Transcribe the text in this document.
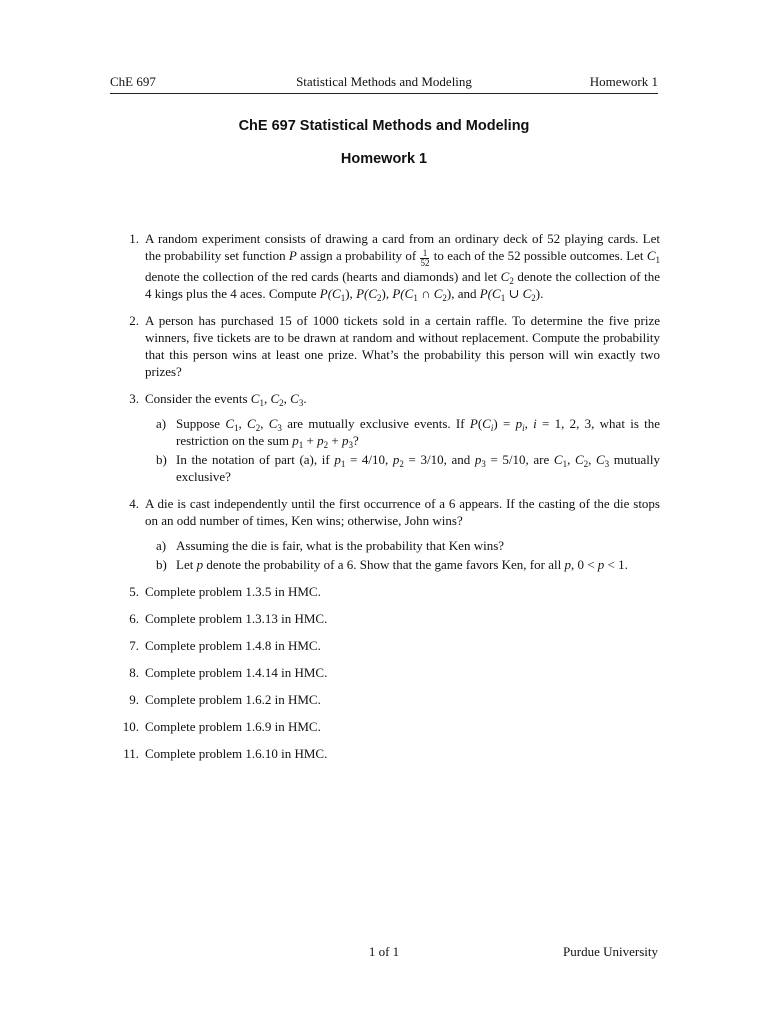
ChE 697	Statistical Methods and Modeling	Homework 1
ChE 697 Statistical Methods and Modeling
Homework 1
1. A random experiment consists of drawing a card from an ordinary deck of 52 playing cards. Let the probability set function P assign a probability of $\frac{1}{52}$ to each of the 52 possible outcomes. Let $C_1$ denote the collection of the red cards (hearts and diamonds) and let $C_2$ denote the collection of the 4 kings plus the 4 aces. Compute $P(C_1)$, $P(C_2)$, $P(C_1$ ∩ $C_2$), and $P(C_1$ ∪ $C_2$).
2. A person has purchased 15 of 1000 tickets sold in a certain raffle. To determine the five prize winners, five tickets are to be drawn at random and without replacement. Compute the probability that this person wins at least one prize. What’s the probability this person will win exactly two prizes?
3. Consider the events $C_1$, $C_2$, $C_3$.
a) Suppose $C_1$, $C_2$, $C_3$ are mutually exclusive events. If $P(C_i) = p_i$, i = 1, 2, 3, what is the restriction on the sum $p_1 + p_2 + p_3$?
b) In the notation of part (a), if $p_1 = 4/10$, $p_2 = 3/10$, and $p_3 = 5/10$, are $C_1$, $C_2$, $C_3$ mutually exclusive?
4. A die is cast independently until the first occurrence of a 6 appears. If the casting of the die stops on an odd number of times, Ken wins; otherwise, John wins?
a) Assuming the die is fair, what is the probability that Ken wins?
b) Let p denote the probability of a 6. Show that the game favors Ken, for all p, 0 < p < 1.
5. Complete problem 1.3.5 in HMC.
6. Complete problem 1.3.13 in HMC.
7. Complete problem 1.4.8 in HMC.
8. Complete problem 1.4.14 in HMC.
9. Complete problem 1.6.2 in HMC.
10. Complete problem 1.6.9 in HMC.
11. Complete problem 1.6.10 in HMC.
1 of 1	Purdue University
